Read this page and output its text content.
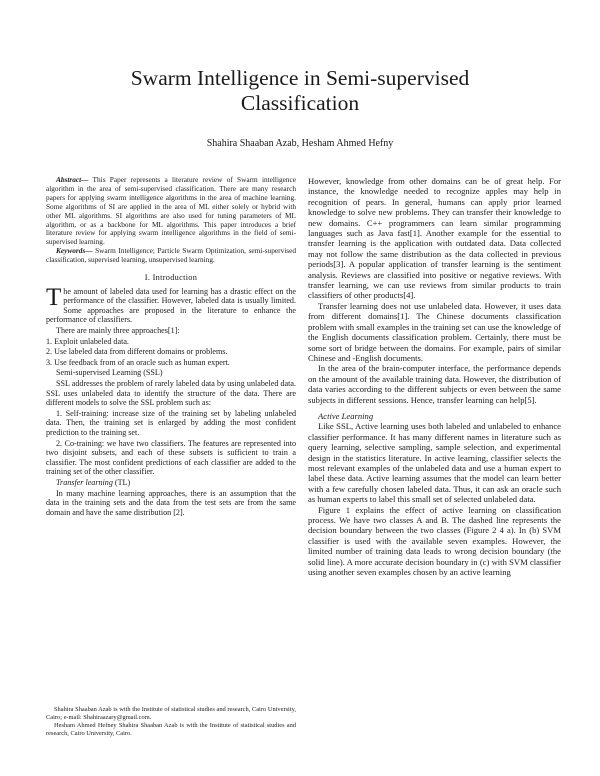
Swarm Intelligence in Semi-supervised
Classification
Shahira Shaaban Azab, Hesham Ahmed Hefny

Abstract— This Paper represents a literature review of Swarm intelligence algorithm in the area of semi-supervised classification. There are many research papers for applying swarm intelligence algorithms in the area of machine learning. Some algorithms of SI are applied in the area of ML either solely or hybrid with other ML algorithms. SI algorithms are also used for tuning parameters of ML algorithm, or as a backbone for ML algorithms. This paper introduces a brief literature review for applying swarm intelligence algorithms in the field of semi-supervised learning.

Keywords— Swarm Intelligence; Particle Swarm Optimization, semi-supervised classification, supervised learning, unsupervised learning.

I. Introduction

The amount of labeled data used for learning has a drastic effect on the performance of the classifier. However, labeled data is usually limited. Some approaches are proposed in the literature to enhance the performance of classifiers.

There are mainly three approaches[1]:

1. Exploit unlabeled data.

2. Use labeled data from different domains or problems.

3. Use feedback from of an oracle such as human expert.

Semi-supervised Learning (SSL)

SSL addresses the problem of rarely labeled data by using unlabeled data. SSL uses unlabeled data to identify the structure of the data. There are different models to solve the SSL problem such as:

1. Self-training: increase size of the training set by labeling unlabeled data. Then, the training set is enlarged by adding the most confident prediction to the training set.

2. Co-training: we have two classifiers. The features are represented into two disjoint subsets, and each of these subsets is sufficient to train a classifier. The most confident predictions of each classifier are added to the training set of the other classifier.

Transfer learning (TL)

In many machine learning approaches, there is an assumption that the data in the training sets and the data from the test sets are from the same domain and have the same distribution [2].

Shahira Shaaban Azab is with the Institute of statistical studies and research, Cairo University, Cairo; e-mail: Shahiraazary@gmail.com.

Hesham Ahmed Hefney Shahira Shaaban Azab is with the Institute of statistical studies and research, Cairo University, Cairo.

However, knowledge from other domains can be of great help. For instance, the knowledge needed to recognize apples may help in recognition of pears. In general, humans can apply prior learned knowledge to solve new problems. They can transfer their knowledge to new domains. C++ programmers can learn similar programming languages such as Java fast[1]. Another example for the essential to transfer learning is the application with outdated data. Data collected may not follow the same distribution as the data collected in previous periods[3]. A popular application of transfer learning is the sentiment analysis. Reviews are classified into positive or negative reviews. With transfer learning, we can use reviews from similar products to train classifiers of other products[4].

Transfer learning does not use unlabeled data. However, it uses data from different domains[1]. The Chinese documents classification problem with small examples in the training set can use the knowledge of the English documents classification problem. Certainly, there must be some sort of bridge between the domains. For example, pairs of similar Chinese and -English documents.

In the area of the brain-computer interface, the performance depends on the amount of the available training data. However, the distribution of data varies according to the different subjects or even between the same subjects in different sessions. Hence, transfer learning can help[5].

Active Learning

Like SSL, Active learning uses both labeled and unlabeled to enhance classifier performance. It has many different names in literature such as query learning, selective sampling, sample selection, and experimental design in the statistics literature. In active learning, classifier selects the most relevant examples of the unlabeled data and use a human expert to label these data. Active learning assumes that the model can learn better with a few carefully chosen labeled data. Thus, it can ask an oracle such as human experts to label this small set of selected unlabeled data.

Figure 1 explains the effect of active learning on classification process. We have two classes A and B. The dashed line represents the decision boundary between the two classes (Figure 2 4 a). In (b) SVM classifier is used with the available seven examples. However, the limited number of training data leads to wrong decision boundary (the solid line). A more accurate decision boundary in (c) with SVM classifier using another seven examples chosen by an active learning
